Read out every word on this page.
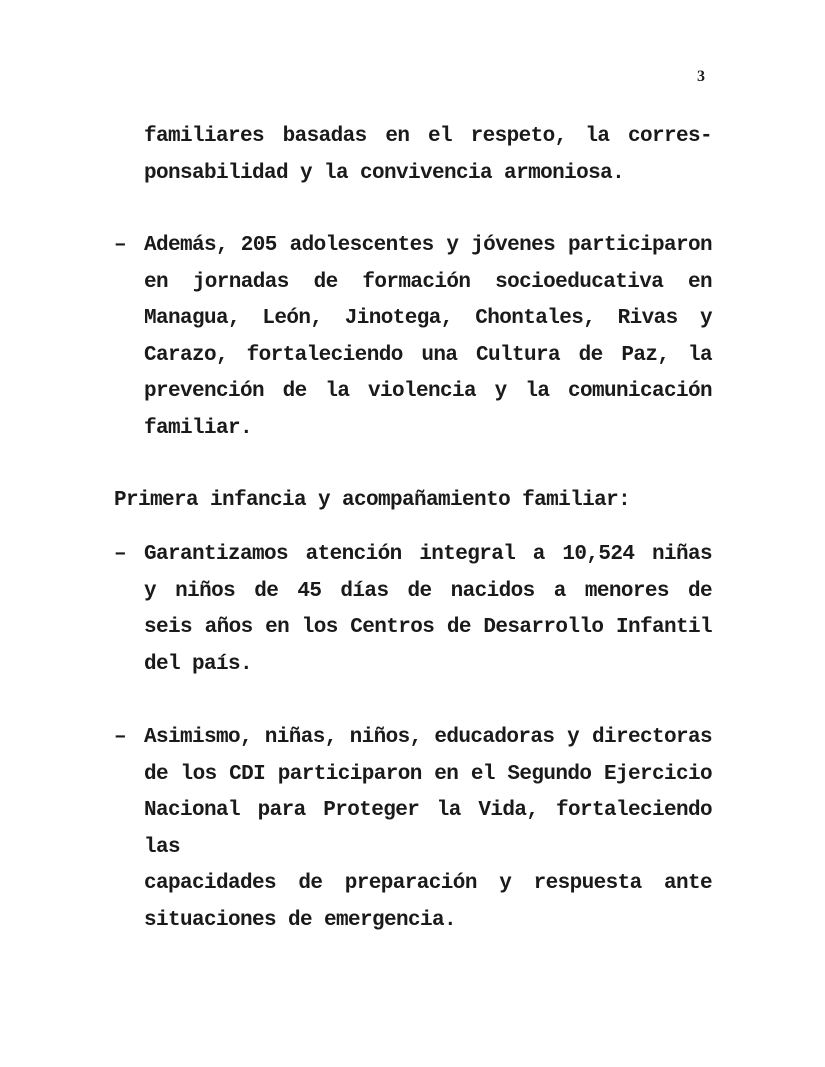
3
familiares basadas en el respeto, la corres-
ponsabilidad y la convivencia armoniosa.
– Además, 205 adolescentes y jóvenes participaron
en jornadas de formación socioeducativa en
Managua, León, Jinotega, Chontales, Rivas y
Carazo, fortaleciendo una Cultura de Paz, la
prevención de la violencia y la comunicación
familiar.
Primera infancia y acompañamiento familiar:
– Garantizamos atención integral a 10,524 niñas
y niños de 45 días de nacidos a menores de
seis años en los Centros de Desarrollo Infantil
del país.
– Asimismo, niñas, niños, educadoras y directoras
de los CDI participaron en el Segundo Ejercicio
Nacional para Proteger la Vida, fortaleciendo las
capacidades de preparación y respuesta ante
situaciones de emergencia.
